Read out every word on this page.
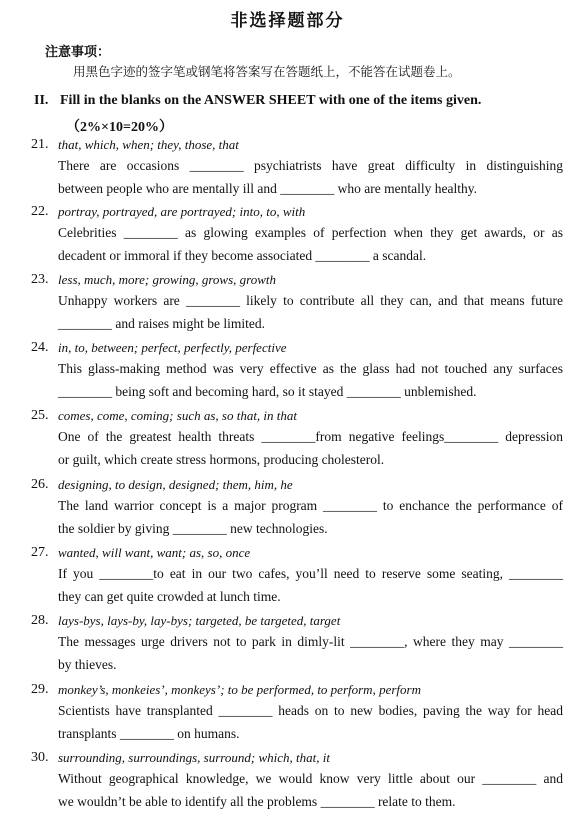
非选择题部分
注意事项：
用黑色字迹的签字笔或钢笔将答案写在答题纸上，不能答在试题卷上。
II. Fill in the blanks on the ANSWER SHEET with one of the items given.
（2%×10=20%）
21. that, which, when; they, those, that
There are occasions ________ psychiatrists have great difficulty in distinguishing
between people who are mentally ill and ________ who are mentally healthy.
22. portray, portrayed, are portrayed; into, to, with
Celebrities ________ as glowing examples of perfection when they get awards, or as
decadent or immoral if they become associated ________ a scandal.
23. less, much, more; growing, grows, growth
Unhappy workers are ________ likely to contribute all they can, and that means future
________ and raises might be limited.
24. in, to, between; perfect, perfectly, perfective
This glass-making method was very effective as the glass had not touched any surfaces
________ being soft and becoming hard, so it stayed ________ unblemished.
25. comes, come, coming; such as, so that, in that
One of the greatest health threats ________from negative feelings________ depression
or guilt, which create stress hormons, producing cholesterol.
26. designing, to design, designed; them, him, he
The land warrior concept is a major program ________ to enchance the performance of
the soldier by giving ________ new technologies.
27. wanted, will want, want; as, so, once
If you ________to eat in our two cafes, you’ll need to reserve some seating, ________
they can get quite crowded at lunch time.
28. lays-bys, lays-by, lay-bys; targeted, be targeted, target
The messages urge drivers not to park in dimly-lit ________, where they may ________
by thieves.
29. monkey’s, monkeies’, monkeys’; to be performed, to perform, perform
Scientists have transplanted ________ heads on to new bodies, paving the way for head
transplants ________ on humans.
30. surrounding, surroundings, surround; which, that, it
Without geographical knowledge, we would know very little about our ________ and
we wouldn’t be able to identify all the problems ________ relate to them.
